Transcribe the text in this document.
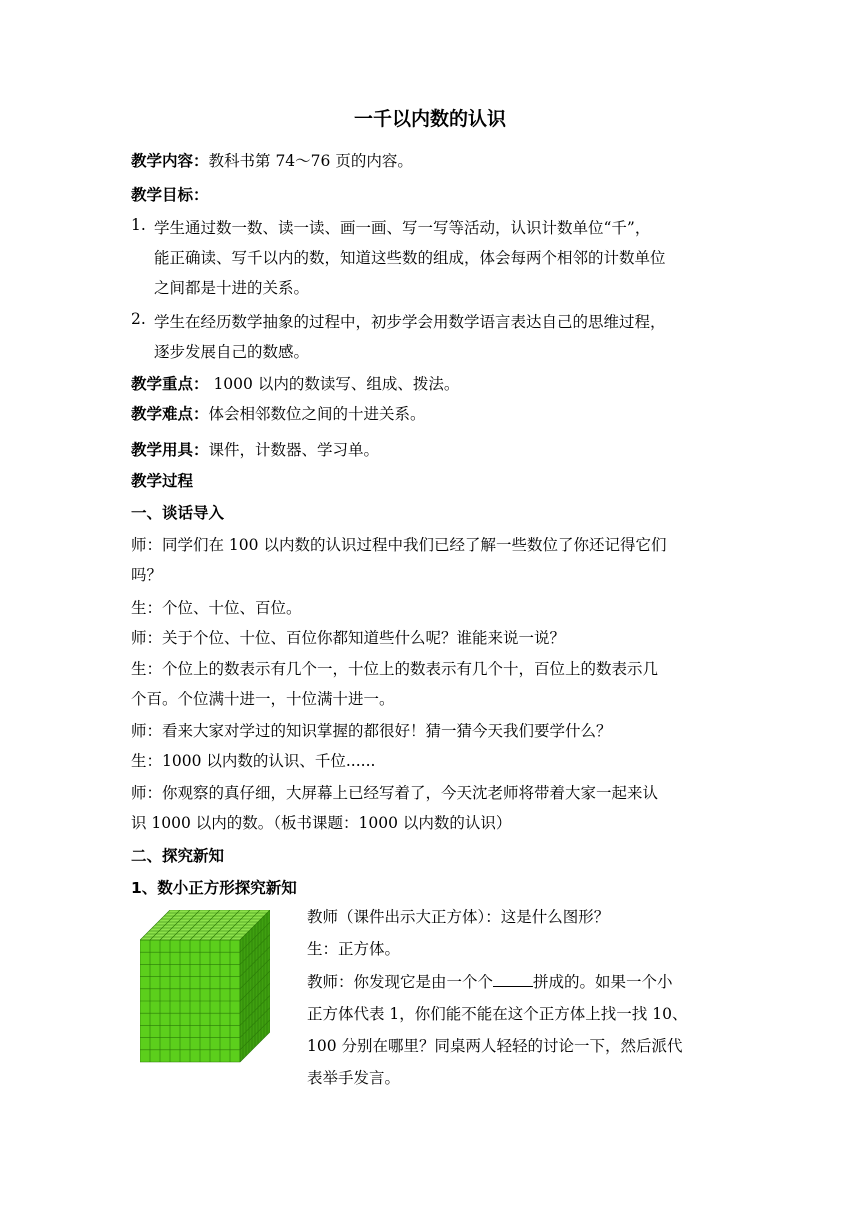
一千以内数的认识
教学内容：教科书第 74～76 页的内容。
教学目标：
1. 学生通过数一数、读一读、画一画、写一写等活动，认识计数单位“千”，
能正确读、写千以内的数，知道这些数的组成，体会每两个相邻的计数单位
之间都是十进的关系。
2. 学生在经历数学抽象的过程中，初步学会用数学语言表达自己的思维过程，
逐步发展自己的数感。
教学重点： 1000 以内的数读写、组成、拨法。
教学难点：体会相邻数位之间的十进关系。
教学用具：课件，计数器、学习单。
教学过程
一、谈话导入
师：同学们在 100 以内数的认识过程中我们已经了解一些数位了你还记得它们
吗？
生：个位、十位、百位。
师：关于个位、十位、百位你都知道些什么呢？谁能来说一说？
生：个位上的数表示有几个一，十位上的数表示有几个十，百位上的数表示几
个百。个位满十进一，十位满十进一。
师：看来大家对学过的知识掌握的都很好！猜一猜今天我们要学什么？
生：1000 以内数的认识、千位......
师：你观察的真仔细，大屏幕上已经写着了，今天沈老师将带着大家一起来认
识 1000 以内的数。（板书课题：1000 以内数的认识）
二、探究新知
1、数小正方形探究新知
教师（课件出示大正方体）：这是什么图形？
生：正方体。
教师：你发现它是由一个个	拼成的。如果一个小
正方体代表 1，你们能不能在这个正方体上找一找 10、
100 分别在哪里？同桌两人轻轻的讨论一下，然后派代
表举手发言。
